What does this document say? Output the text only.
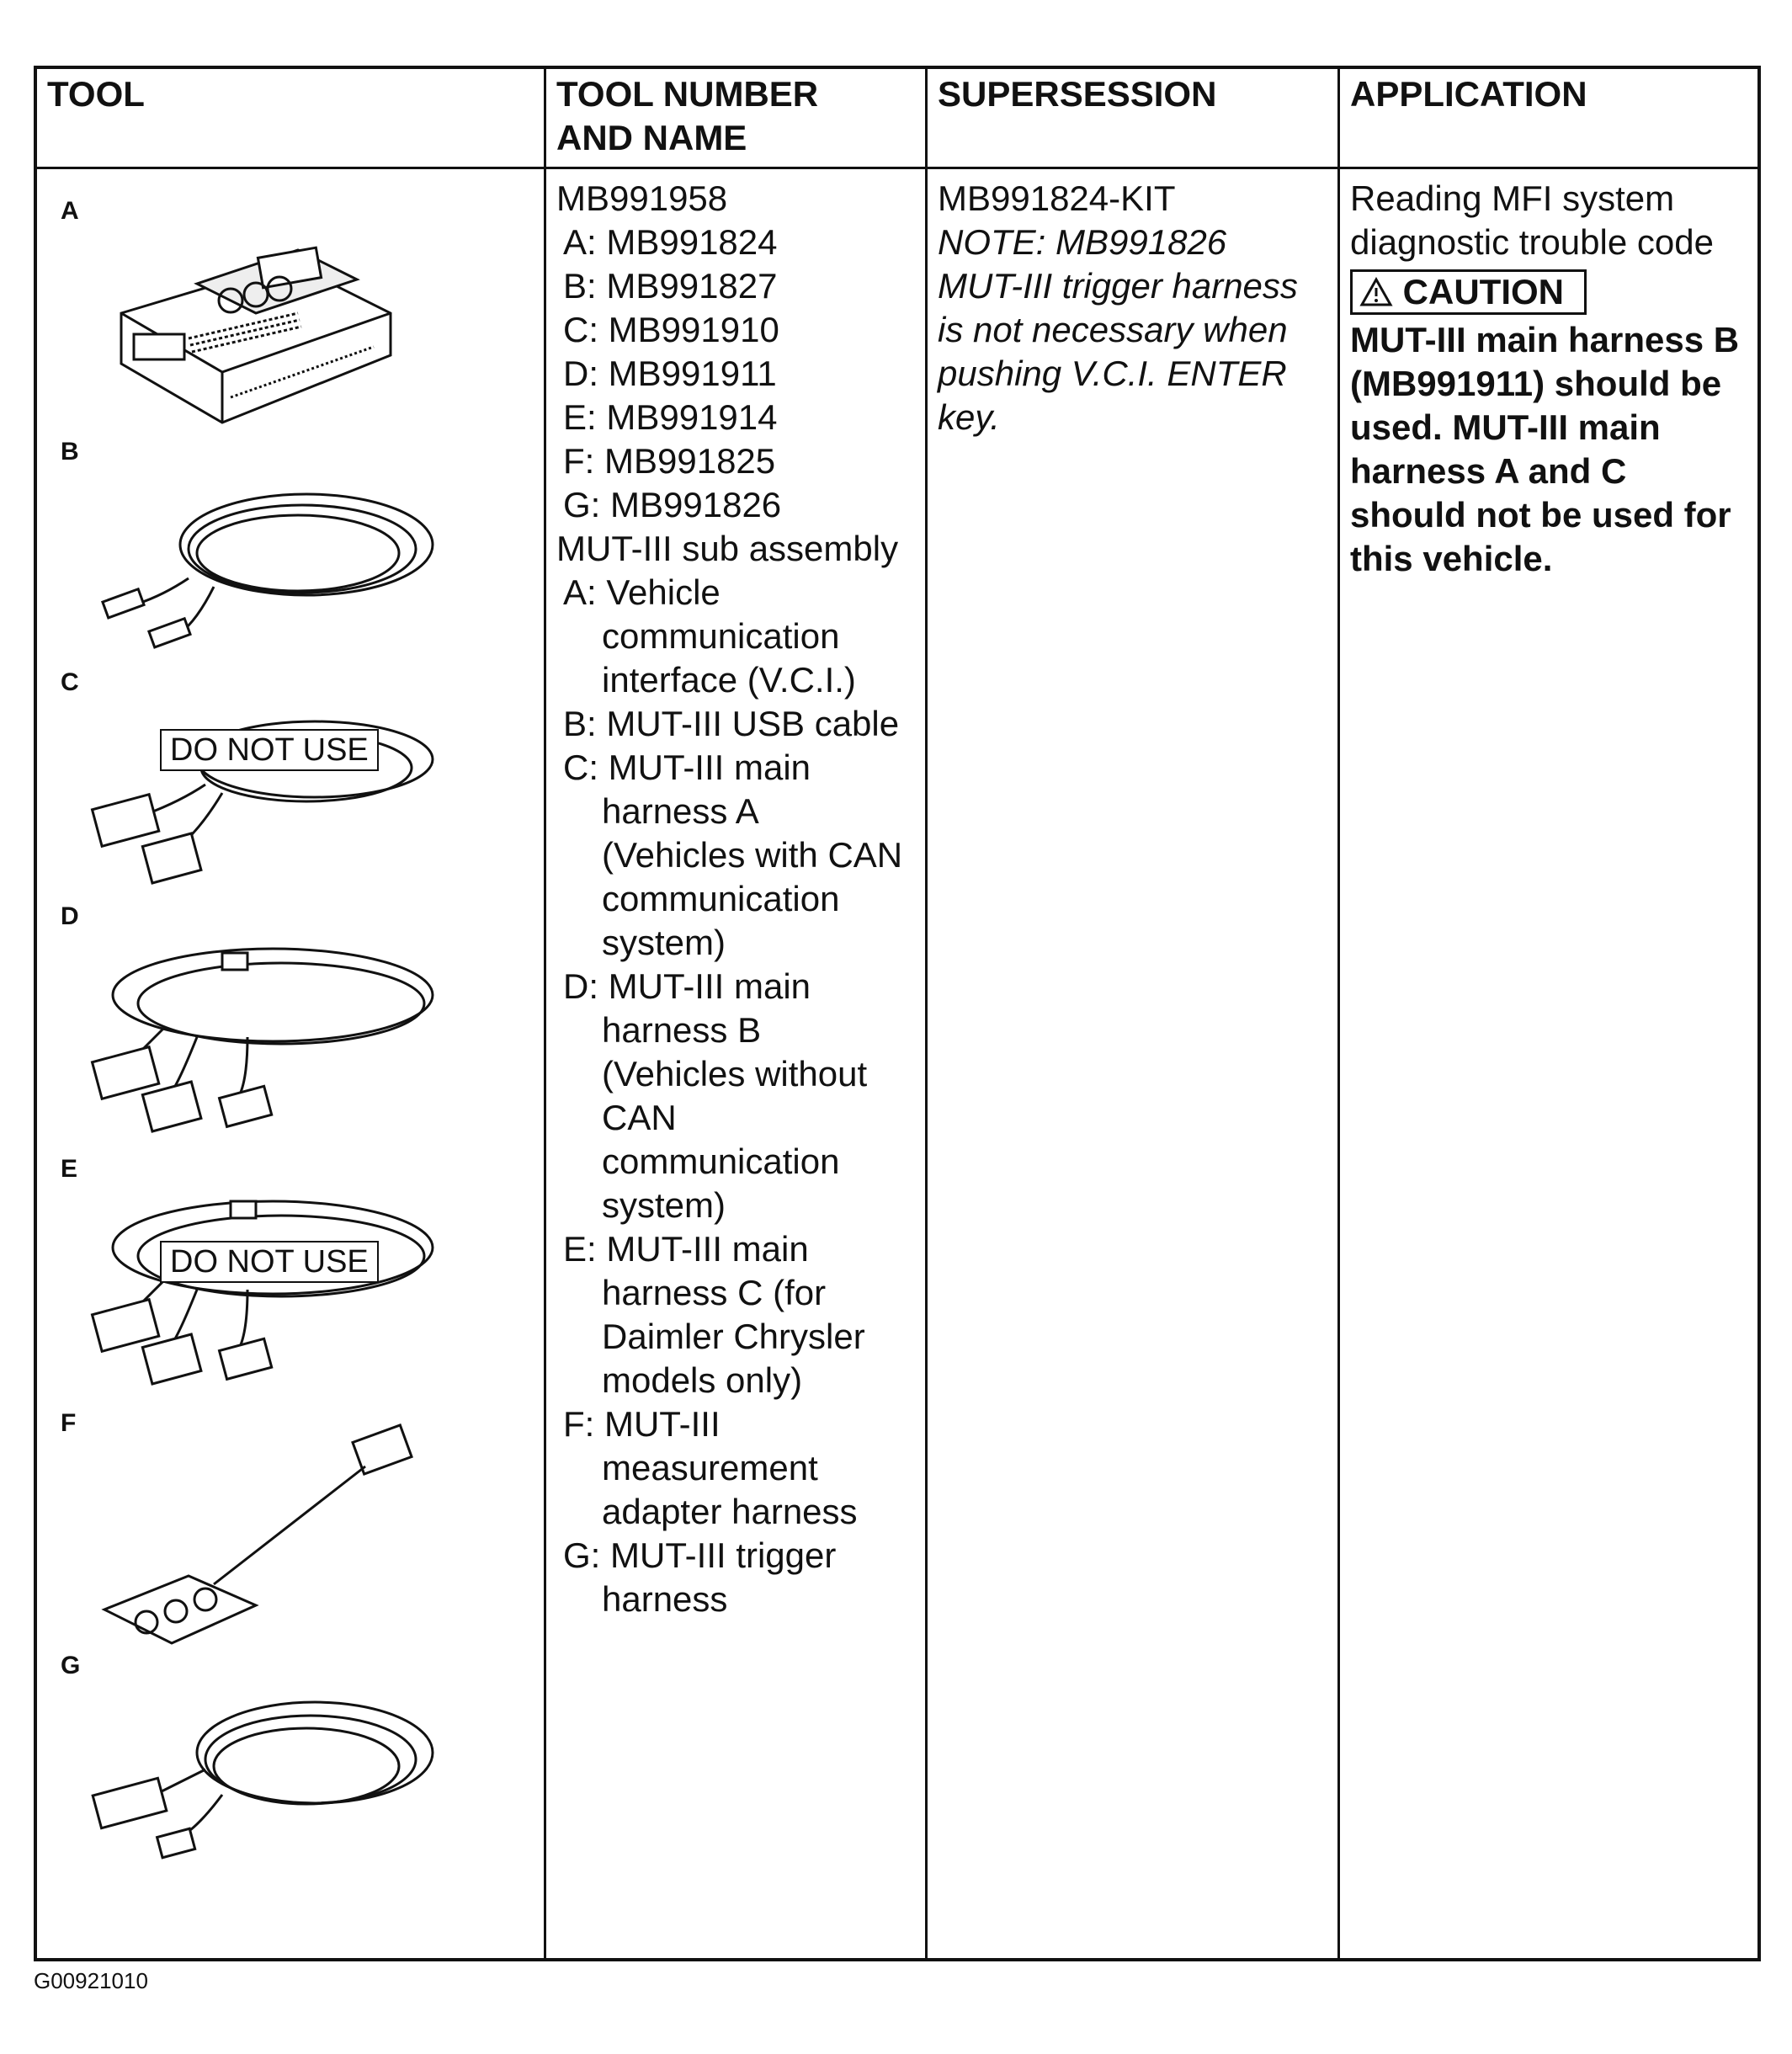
TOOL	TOOL NUMBER
AND NAME
SUPERSESSION	APPLICATION
A
B
C
DO NOT USE
D
E
DO NOT USE
F
G
MB991958
A: MB991824
B: MB991827
C: MB991910
D: MB991911
E: MB991914
F: MB991825
G: MB991826
MUT-III sub assembly
A: Vehicle
communication
interface (V.C.I.)
B: MUT-III USB cable
C: MUT-III main
harness A
(Vehicles with CAN
communication
system)
D: MUT-III main
harness B
(Vehicles without
CAN
communication
system)
E: MUT-III main
harness C (for
Daimler Chrysler
models only)
F: MUT-III
measurement
adapter harness
G: MUT-III trigger
harness
MB991824-KIT
NOTE: MB991826
MUT-III trigger harness
is not necessary when
pushing V.C.I. ENTER
key.
Reading MFI system
diagnostic trouble code
CAUTION
MUT-III main harness B
(MB991911) should be
used. MUT-III main
harness A and C
should not be used for
this vehicle.
G00921010
